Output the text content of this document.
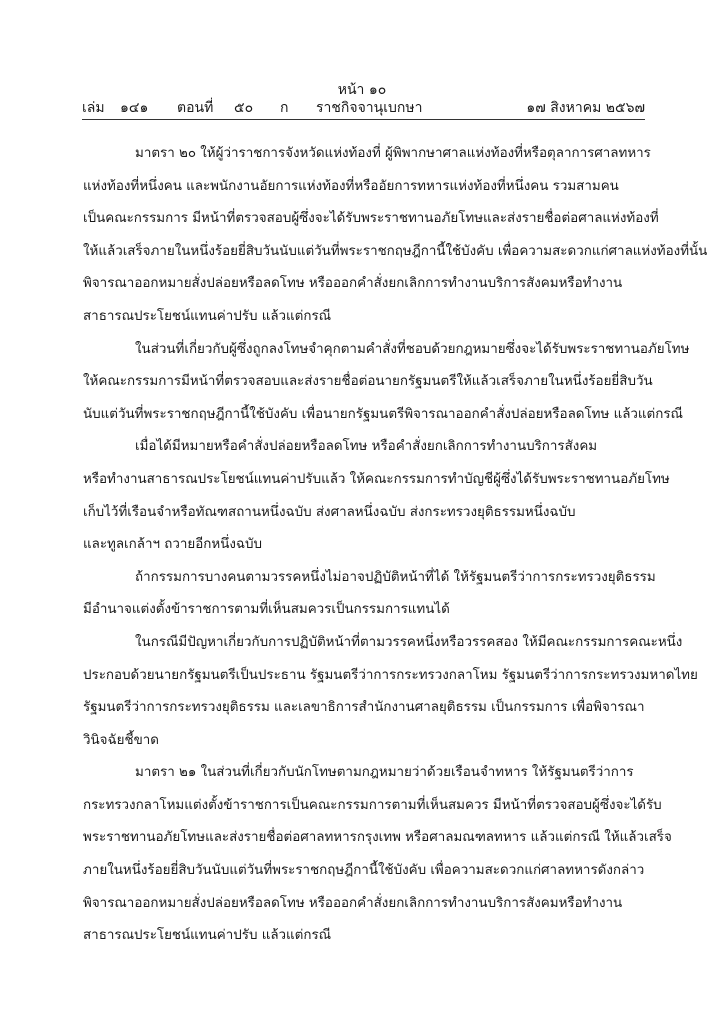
หน้า ๑๐
เล่ม ๑๔๑ ตอนที่ ๕๐ ก ราชกิจจานุเบกษา	๑๗ สิงหาคม ๒๕๖๗
มาตรา ๒๐ ให้ผู้ว่าราชการจังหวัดแห่งท้องที่ ผู้พิพากษาศาลแห่งท้องที่หรือตุลาการศาลทหาร
แห่งท้องที่หนึ่งคน และพนักงานอัยการแห่งท้องที่หรืออัยการทหารแห่งท้องที่หนึ่งคน รวมสามคน
เป็นคณะกรรมการ มีหน้าที่ตรวจสอบผู้ซึ่งจะได้รับพระราชทานอภัยโทษและส่งรายชื่อต่อศาลแห่งท้องที่
ให้แล้วเสร็จภายในหนึ่งร้อยยี่สิบวันนับแต่วันที่พระราชกฤษฎีกานี้ใช้บังคับ เพื่อความสะดวกแก่ศาลแห่งท้องที่นั้น
พิจารณาออกหมายสั่งปล่อยหรือลดโทษ หรือออกคำสั่งยกเลิกการทำงานบริการสังคมหรือทำงาน
สาธารณประโยชน์แทนค่าปรับ แล้วแต่กรณี
ในส่วนที่เกี่ยวกับผู้ซึ่งถูกลงโทษจำคุกตามคำสั่งที่ชอบด้วยกฎหมายซึ่งจะได้รับพระราชทานอภัยโทษ
ให้คณะกรรมการมีหน้าที่ตรวจสอบและส่งรายชื่อต่อนายกรัฐมนตรีให้แล้วเสร็จภายในหนึ่งร้อยยี่สิบวัน
นับแต่วันที่พระราชกฤษฎีกานี้ใช้บังคับ เพื่อนายกรัฐมนตรีพิจารณาออกคำสั่งปล่อยหรือลดโทษ แล้วแต่กรณี
เมื่อได้มีหมายหรือคำสั่งปล่อยหรือลดโทษ หรือคำสั่งยกเลิกการทำงานบริการสังคม
หรือทำงานสาธารณประโยชน์แทนค่าปรับแล้ว ให้คณะกรรมการทำบัญชีผู้ซึ่งได้รับพระราชทานอภัยโทษ
เก็บไว้ที่เรือนจำหรือทัณฑสถานหนึ่งฉบับ ส่งศาลหนึ่งฉบับ ส่งกระทรวงยุติธรรมหนึ่งฉบับ
และทูลเกล้าฯ ถวายอีกหนึ่งฉบับ
ถ้ากรรมการบางคนตามวรรคหนึ่งไม่อาจปฏิบัติหน้าที่ได้ ให้รัฐมนตรีว่าการกระทรวงยุติธรรม
มีอำนาจแต่งตั้งข้าราชการตามที่เห็นสมควรเป็นกรรมการแทนได้
ในกรณีมีปัญหาเกี่ยวกับการปฏิบัติหน้าที่ตามวรรคหนึ่งหรือวรรคสอง ให้มีคณะกรรมการคณะหนึ่ง
ประกอบด้วยนายกรัฐมนตรีเป็นประธาน รัฐมนตรีว่าการกระทรวงกลาโหม รัฐมนตรีว่าการกระทรวงมหาดไทย
รัฐมนตรีว่าการกระทรวงยุติธรรม และเลขาธิการสำนักงานศาลยุติธรรม เป็นกรรมการ เพื่อพิจารณา
วินิจฉัยชี้ขาด
มาตรา ๒๑ ในส่วนที่เกี่ยวกับนักโทษตามกฎหมายว่าด้วยเรือนจำทหาร ให้รัฐมนตรีว่าการ
กระทรวงกลาโหมแต่งตั้งข้าราชการเป็นคณะกรรมการตามที่เห็นสมควร มีหน้าที่ตรวจสอบผู้ซึ่งจะได้รับ
พระราชทานอภัยโทษและส่งรายชื่อต่อศาลทหารกรุงเทพ หรือศาลมณฑลทหาร แล้วแต่กรณี ให้แล้วเสร็จ
ภายในหนึ่งร้อยยี่สิบวันนับแต่วันที่พระราชกฤษฎีกานี้ใช้บังคับ เพื่อความสะดวกแก่ศาลทหารดังกล่าว
พิจารณาออกหมายสั่งปล่อยหรือลดโทษ หรือออกคำสั่งยกเลิกการทำงานบริการสังคมหรือทำงาน
สาธารณประโยชน์แทนค่าปรับ แล้วแต่กรณี
